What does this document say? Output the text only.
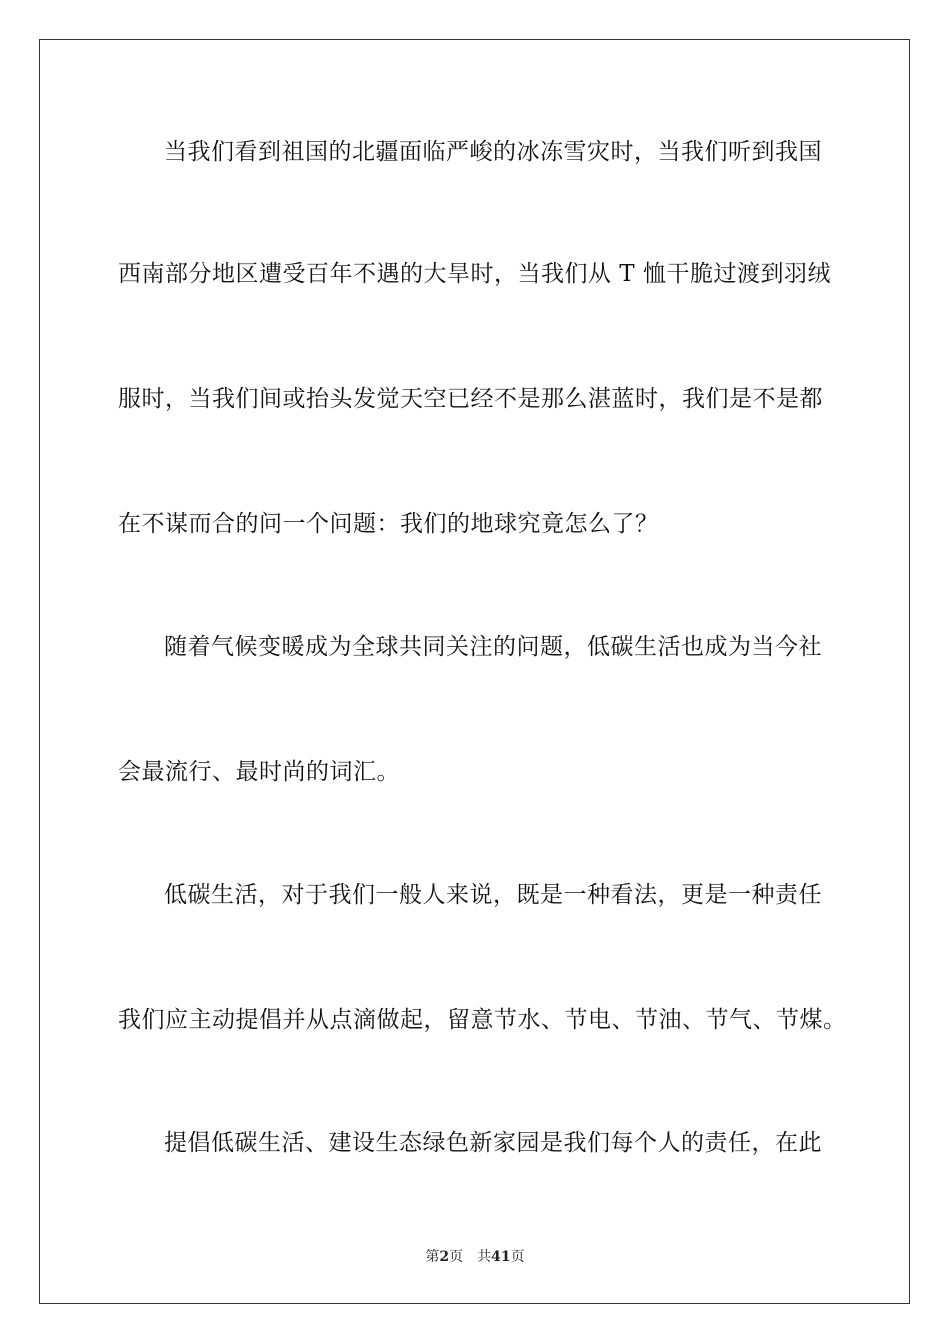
当我们看到祖国的北疆面临严峻的冰冻雪灾时，当我们听到我国
西南部分地区遭受百年不遇的大旱时，当我们从 T 恤干脆过渡到羽绒
服时，当我们间或抬头发觉天空已经不是那么湛蓝时，我们是不是都
在不谋而合的问一个问题：我们的地球究竟怎么了？
随着气候变暖成为全球共同关注的问题，低碳生活也成为当今社
会最流行、最时尚的词汇。
低碳生活，对于我们一般人来说，既是一种看法，更是一种责任
我们应主动提倡并从点滴做起，留意节水、节电、节油、节气、节煤。
提倡低碳生活、建设生态绿色新家园是我们每个人的责任，在此
第2页 共41页
